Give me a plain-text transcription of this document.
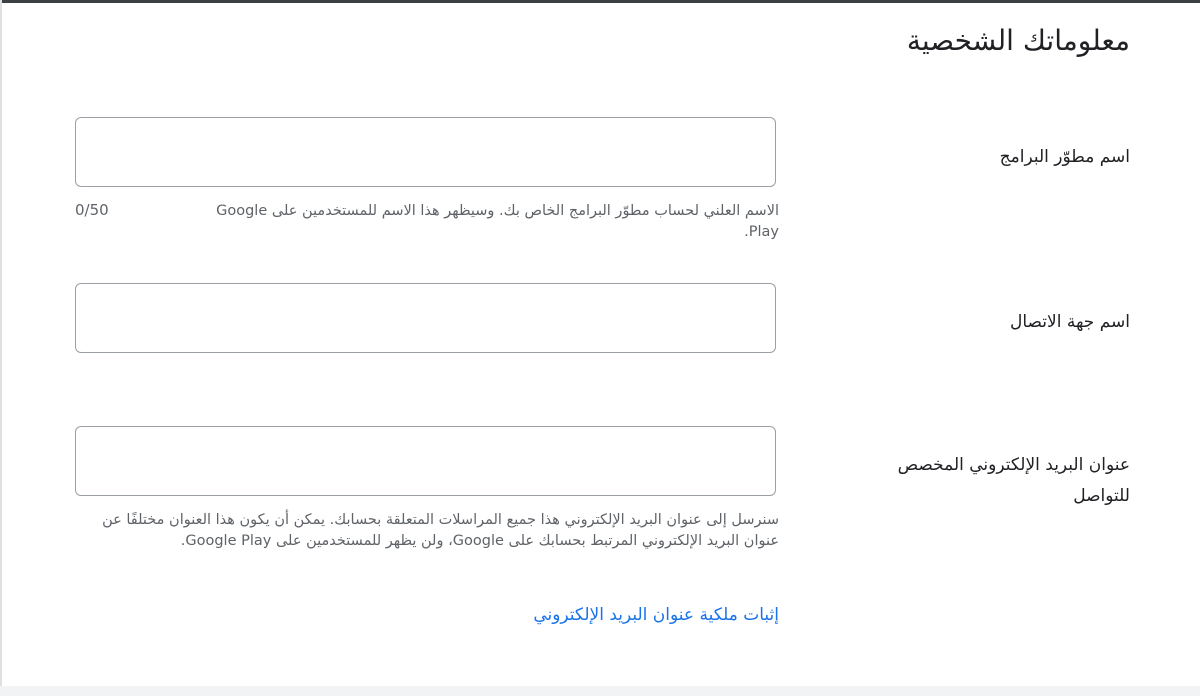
معلوماتك الشخصية
اسم مطوّر البرامج
الاسم العلني لحساب مطوّر البرامج الخاص بك. وسيظهر هذا الاسم للمستخدمين على Google Play.
0/50
اسم جهة الاتصال
عنوان البريد الإلكتروني المخصص للتواصل
سنرسل إلى عنوان البريد الإلكتروني هذا جميع المراسلات المتعلقة بحسابك. يمكن أن يكون هذا العنوان مختلفًا عن عنوان البريد الإلكتروني المرتبط بحسابك على Google، ولن يظهر للمستخدمين على Google Play.
إثبات ملكية عنوان البريد الإلكتروني
